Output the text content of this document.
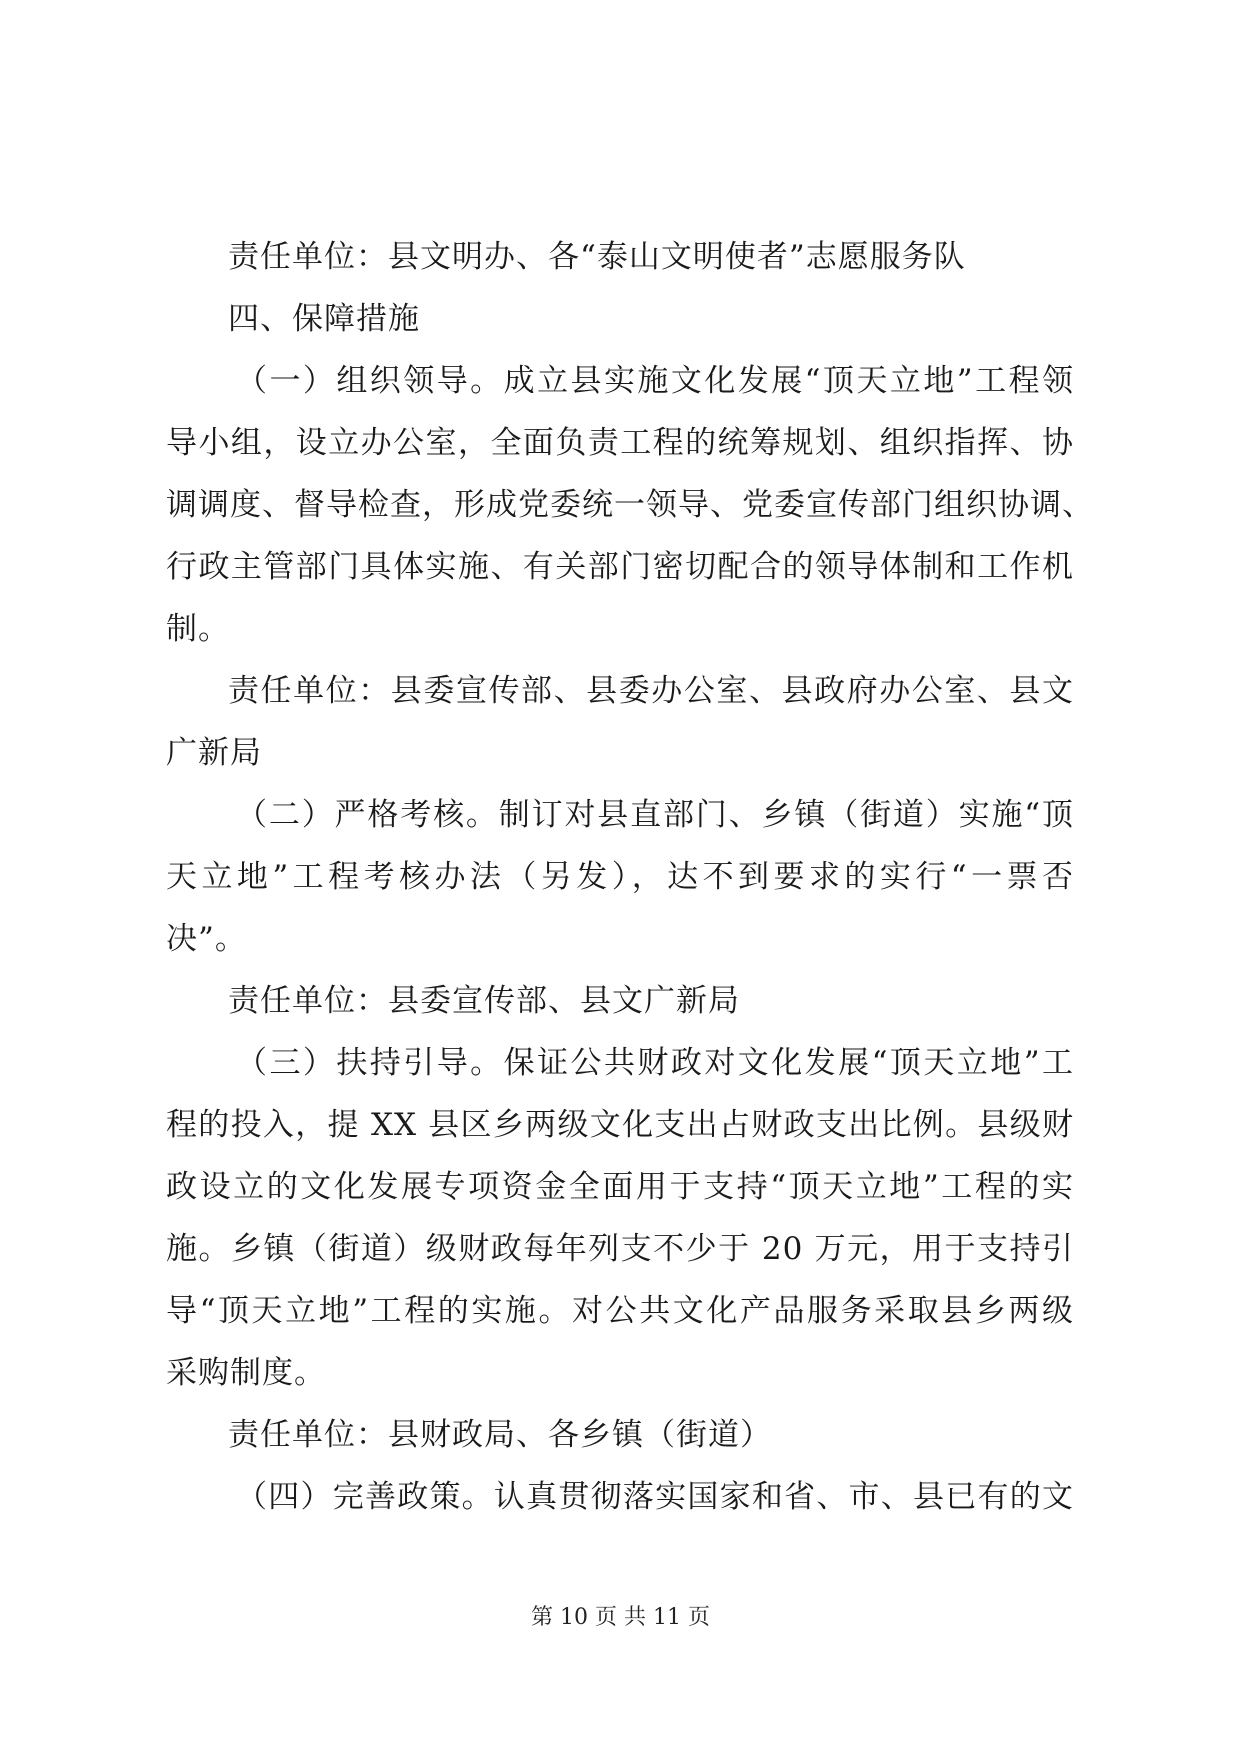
责任单位：县文明办、各“泰山文明使者”志愿服务队
四、保障措施
（一）组织领导。成立县实施文化发展“顶天立地”工程领
导小组，设立办公室，全面负责工程的统筹规划、组织指挥、协
调调度、督导检查，形成党委统一领导、党委宣传部门组织协调、
行政主管部门具体实施、有关部门密切配合的领导体制和工作机
制。
责任单位：县委宣传部、县委办公室、县政府办公室、县文
广新局
（二）严格考核。制订对县直部门、乡镇（街道）实施“顶
天立地”工程考核办法（另发），达不到要求的实行“一票否
决”。
责任单位：县委宣传部、县文广新局
（三）扶持引导。保证公共财政对文化发展“顶天立地”工
程的投入，提 XX 县区乡两级文化支出占财政支出比例。县级财
政设立的文化发展专项资金全面用于支持“顶天立地”工程的实
施。乡镇（街道）级财政每年列支不少于 20 万元，用于支持引
导“顶天立地”工程的实施。对公共文化产品服务采取县乡两级
采购制度。
责任单位：县财政局、各乡镇（街道）
（四）完善政策。认真贯彻落实国家和省、市、县已有的文
第 10 页 共 11 页
